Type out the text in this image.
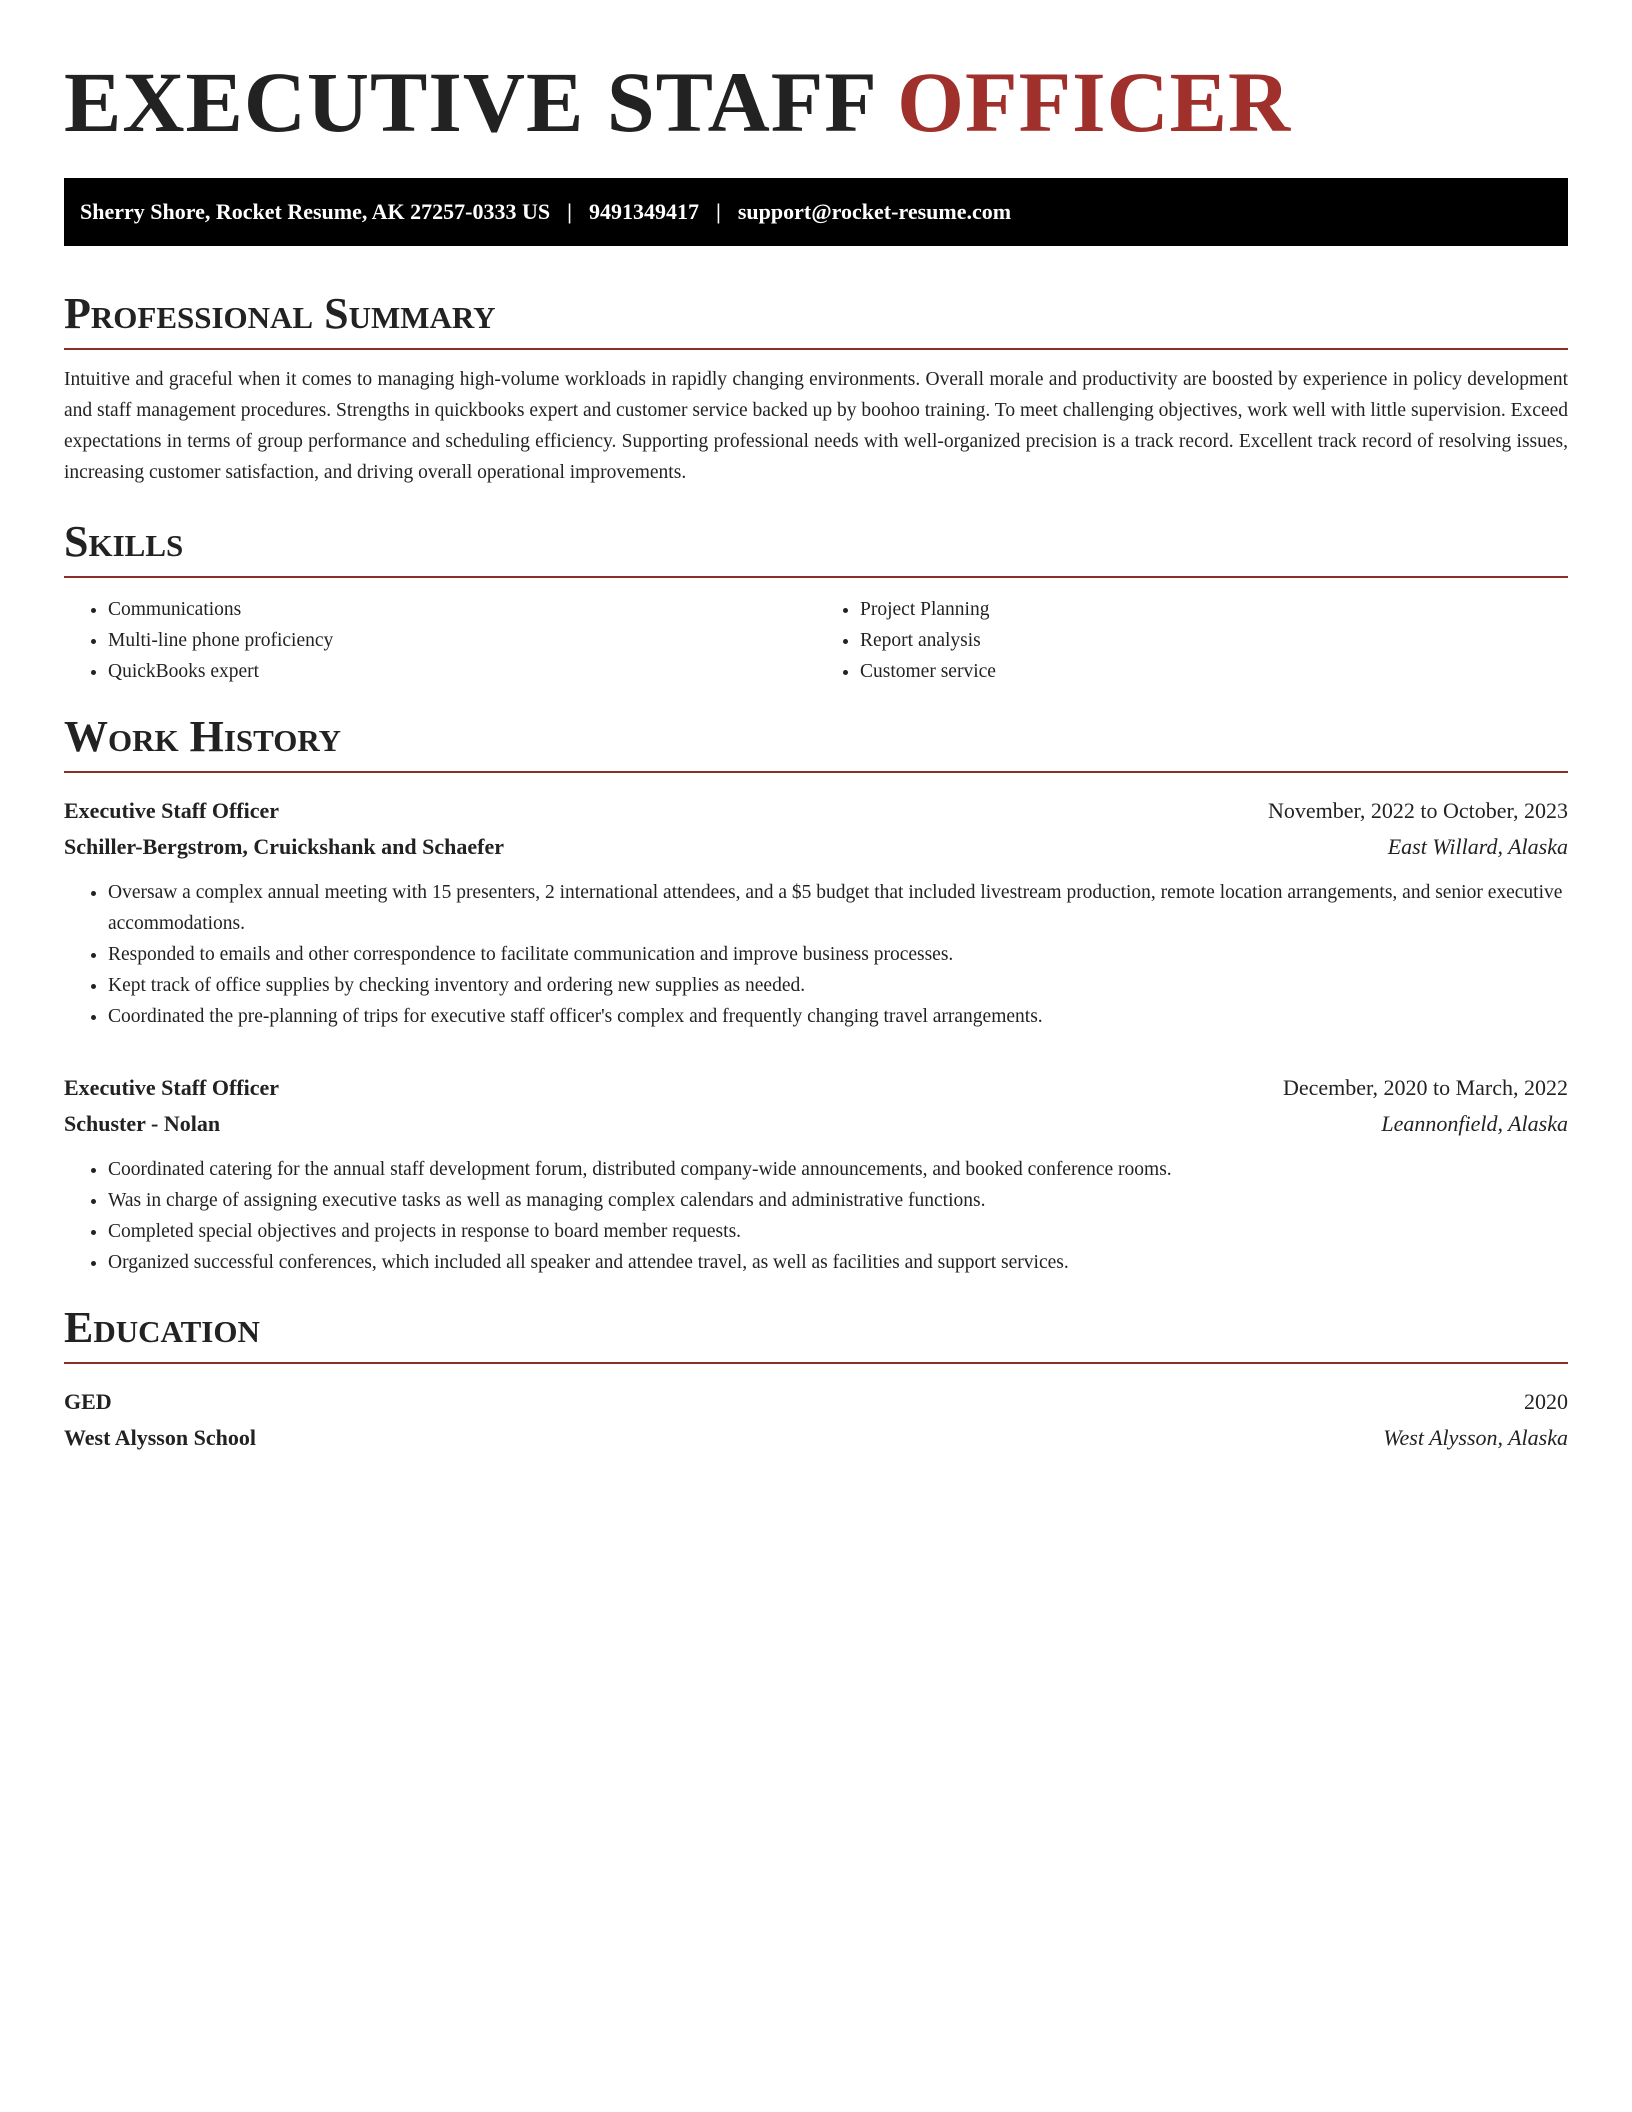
EXECUTIVE STAFF OFFICER
Sherry Shore, Rocket Resume, AK 27257-0333 US | 9491349417 | support@rocket-resume.com
Professional Summary

Intuitive and graceful when it comes to managing high-volume workloads in rapidly changing environments. Overall morale and productivity are boosted by experience in policy development and staff management procedures. Strengths in quickbooks expert and customer service backed up by boohoo training. To meet challenging objectives, work well with little supervision. Exceed expectations in terms of group performance and scheduling efficiency. Supporting professional needs with well-organized precision is a track record. Excellent track record of resolving issues, increasing customer satisfaction, and driving overall operational improvements.

Skills
• Communications
• Multi-line phone proficiency
• QuickBooks expert
• Project Planning
• Report analysis
• Customer service
Work History
Executive Staff Officer	November, 2022 to October, 2023
Schiller-Bergstrom, Cruickshank and Schaefer	East Willard, Alaska
• Oversaw a complex annual meeting with 15 presenters, 2 international attendees, and a $5 budget that included livestream production, remote location arrangements, and senior executive accommodations.
• Responded to emails and other correspondence to facilitate communication and improve business processes.
• Kept track of office supplies by checking inventory and ordering new supplies as needed.
• Coordinated the pre-planning of trips for executive staff officer's complex and frequently changing travel arrangements.
Executive Staff Officer	December, 2020 to March, 2022
Schuster - Nolan	Leannonfield, Alaska
• Coordinated catering for the annual staff development forum, distributed company-wide announcements, and booked conference rooms.
• Was in charge of assigning executive tasks as well as managing complex calendars and administrative functions.
• Completed special objectives and projects in response to board member requests.
• Organized successful conferences, which included all speaker and attendee travel, as well as facilities and support services.
Education
GED	2020
West Alysson School	West Alysson, Alaska
